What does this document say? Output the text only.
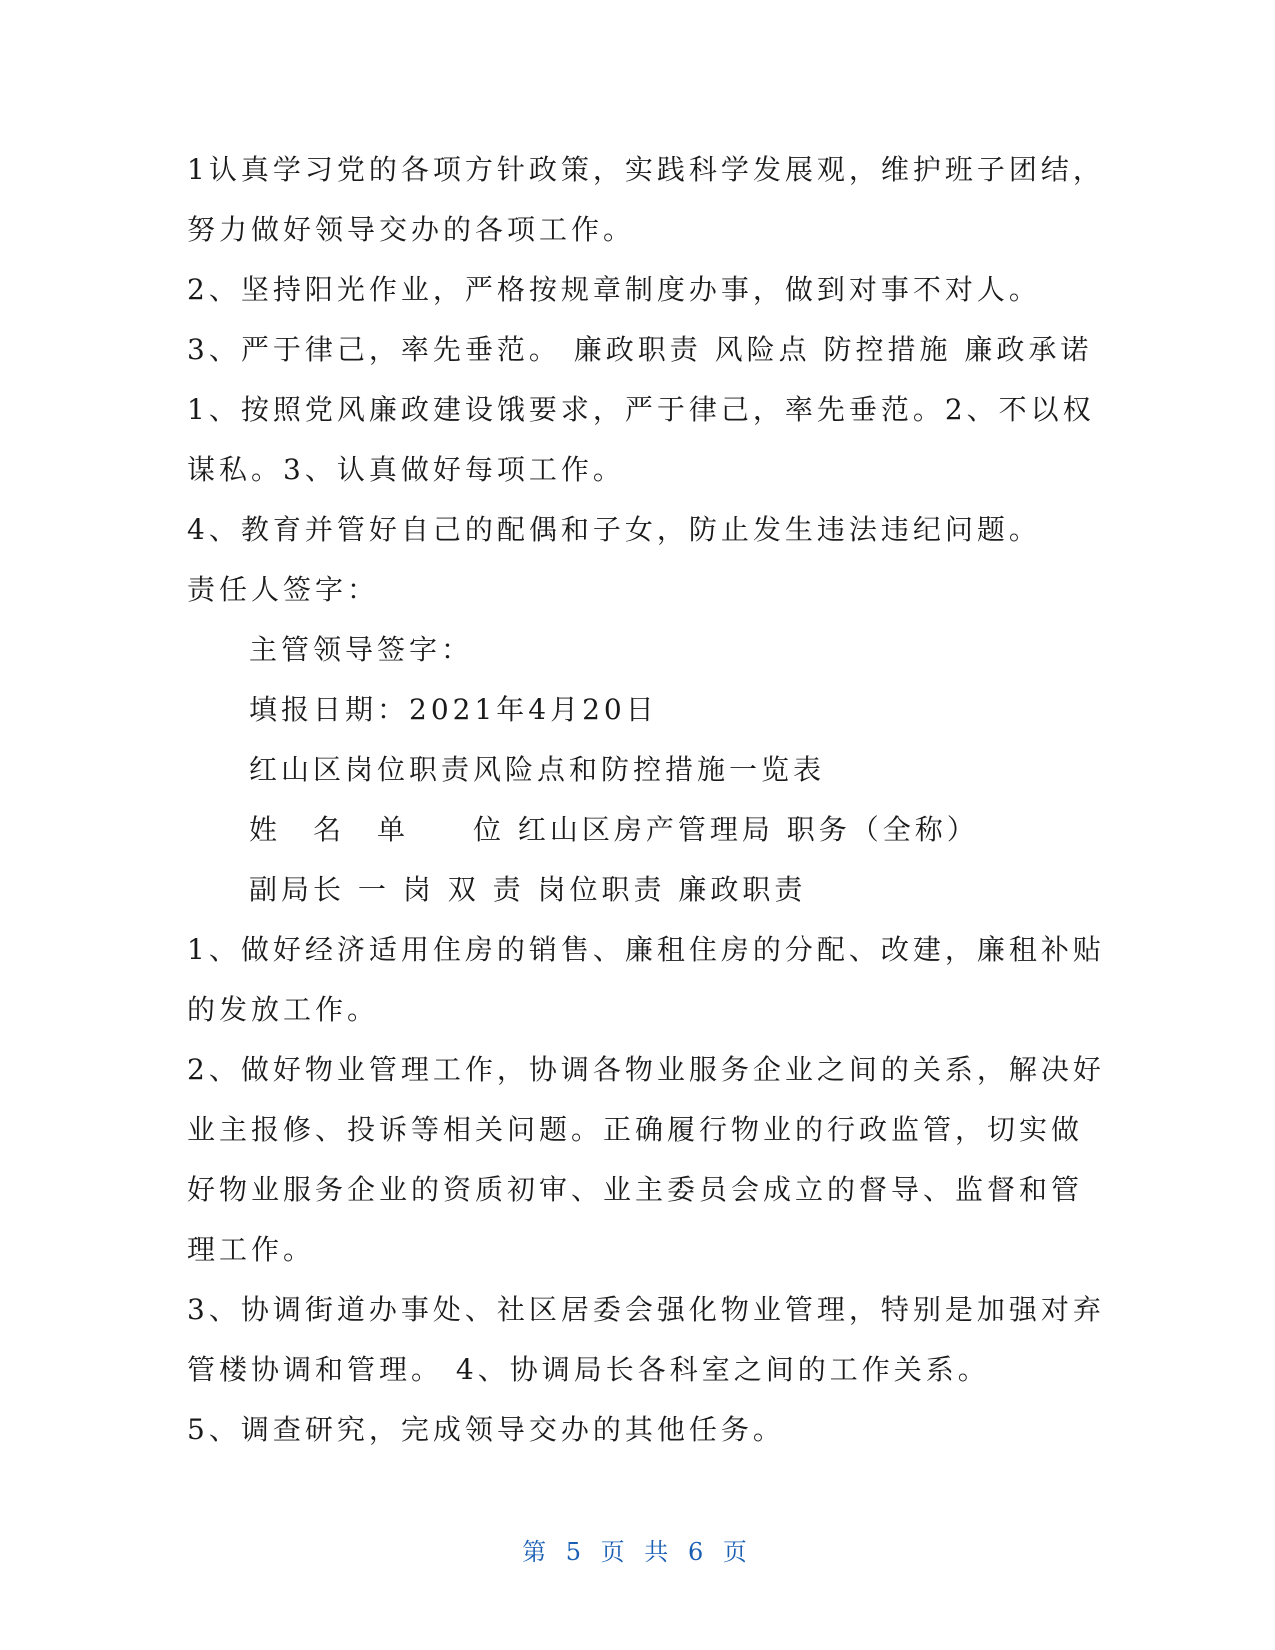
1认真学习党的各项方针政策，实践科学发展观，维护班子团结，
努力做好领导交办的各项工作。
2、坚持阳光作业，严格按规章制度办事，做到对事不对人。
3、严于律己，率先垂范。 廉政职责 风险点 防控措施 廉政承诺
1、按照党风廉政建设饿要求，严于律己，率先垂范。2、不以权
谋私。3、认真做好每项工作。
4、教育并管好自己的配偶和子女，防止发生违法违纪问题。
责任人签字：
主管领导签字：
填报日期：2021年4月20日
红山区岗位职责风险点和防控措施一览表
姓　名　单　　位 红山区房产管理局 职务（全称）
副局长 一 岗 双 责 岗位职责 廉政职责
1、做好经济适用住房的销售、廉租住房的分配、改建，廉租补贴
的发放工作。
2、做好物业管理工作，协调各物业服务企业之间的关系，解决好
业主报修、投诉等相关问题。正确履行物业的行政监管，切实做
好物业服务企业的资质初审、业主委员会成立的督导、监督和管
理工作。
3、协调街道办事处、社区居委会强化物业管理，特别是加强对弃
管楼协调和管理。 4、协调局长各科室之间的工作关系。
5、调查研究，完成领导交办的其他任务。
第 5 页 共 6 页
